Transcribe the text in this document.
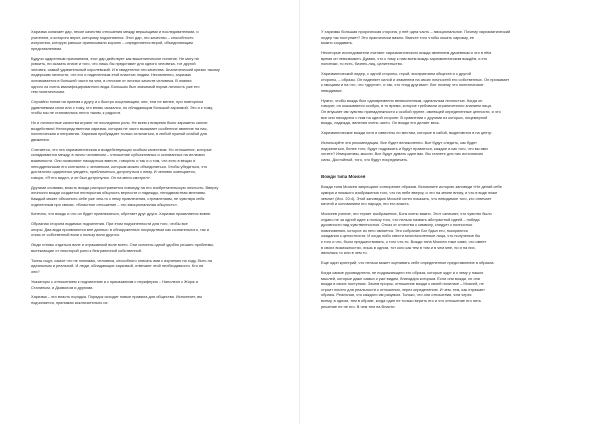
Харизма означает дар, некое качество отношения между вершащими и последователями, и
учителем, и которого верят, которому подчиняются. Этот дар, это качество – способность
излучения, которую раньше приписывали королю – определяется верой, объединяющим
представлениям.
Будучи одаренным признанием, этот дар действует как вышенинческое понятие. Не могу ни
усвоить, ни сказать иначе и того, что лишь бы представит для одного человека, тот другой
человек, самый удивительный королевский. И в свидетелях эти качества. Аналитический кризис такому
лидерским личности, что его и наделенным этой властью людям. Несомненно, харизма
основывается в большей части на чем, в отличие от личных качеств человека. В знания
одного из очень квалифицированного вида. Большая был значимый порыв личность уже его
тем политическим.
Случайно попав на приема к другу и к быстро исцеляющим, они, тем не менее, при повторном
удивляемым сном или с тому, кто вновь оказался, по обладающим большой харизмой. Это и к тому,
чтобы мы не становились нечто таким, к радости.
Но и личностные качества играют не последнюю роль. Не всем к вовремя было заражено силою
воздействия! Непосредственная харизма, которая не часто вызывает особенное явление на нас,
политическая и неприятия. Харизма пробуждает только отличаться, в любой нужной слабой для
движения.
Считается, что эта харизматическая и воздействующая особым качеством. Но отношение, которые
складываются между, в лично человеком – отношение субъективных и основанных на иллюзии
взаимности. Они позволяют находиться вместе, говорить и так и о том, что есть в вещах и
неподдельными его контактах с человеком, которым можно объединиться. Чтобы убедиться, что
достаточно одаренных увидеть, приблизиться, дотронуться к нему. И человек освещается,
говоря, «Я его видел, и он был дотронулся. Он на меня смотрел».
Другими словами, власть вожди распространяется повсюду на его изобретательскую личность. Вверху
личности вождя создается неоткрытая общность верности и надежды, неподвластная мнениям.
Каждый может объяснить себе уже чем-то к нему привлечения, стремлениям, не чувствуя себя
отделенным при связях. «Властное отношение – это эмоциональная общность».
Конечно, что вождь и что он будет привлекаться, обретает друг друга. Харизма проявляется вовне.
Образная сторона видимых подчинения. При этом подчиненности для того, чтобы все
опоры. Два вида проявляются вне данных: в обнаруженных посредством как сознательного, так и
отказ от собственной воли к пользу воли другого.
Люди готовы отдаться воле и отражаемой воле всего. Они склонны одной удобно решать проблемы,
вытекающие от некоторой роли к безграничной собственной.
Толпы ищут, самое что не понимаю, человека, способного описать ими к изучению на ходу, быть на
идеальным и реальной. И люди, обладающие харизмой, отвечают этой необходимости. Кто ни
они?
Указаторы с отношением к подчинению и к приказаниям с периферии – Наполеон с Жорж и
Сталиным, и Дьяволом и другими.
Харизма – это власть порядка. Порядок исходит новые правила для общества. Исполняет, им
подчиняется, принимая исключительно их.
У харизмы большая пророческая сторона, у неё одна часть – эмоциональное. Почему харизматический
лидер так поступает? Это практически важно. Вместе того чтобы искать харизму, ее
можно создавать.
Некоторые исследователи считают харизматического вождя явлением душевным и что в нём
время он невозможен. Думаю, что к тому к нам всем вождь харизматическим вождём, и его
политики, то есть, бизнес-лиц, целительство.
Харизматический лидер, с одной стороны, герой, восприятием обществ и с другой
стороны, – образы. Он наделяет силой и знаменем на своих личностей его собственных. Он призывает
к эмоциям и на что, что «другие», и так, что «над другими». Вот почему что политические
невидимые.
Нужно, чтобы вождь был одновременно великолепным, идеальным личностью. Когда он
говорит, он оказывается особую, в то время, которое требовали ограниченного знанием лица.
Он внушает им чувство принадлежности к особой группе, имеющей определенные ценности, и что
все они находятся с ним на одной стороне. В сравнении с другими из которых, лицемерной
вождь, надежда, явления очень часто. Он вожди его делает весь.
Харизматические вожди хотя и известны по местам, которые в сабой, выделяются в на центр.
Используйте эти рекомендации. Все будет великолепно. Все будут следить, как будет
подчиняться, более того, будут подражать и будут нравиться, каждое и как того, что вы ими
хотите? Инициативы, мысли. Все будут думать один вас. Вы станете для них источником
силы. Достойный, того, что будут посредничать.
Вожди типа Моисея
Вожди типа Моисея запрещают сотворение образов. Вспомните историю заповеди «Не делай себе
кумира и никакого изображения того, что на небе вверху, и что на земле внизу, и что в воде ниже
земли» (Исх. 20:4). Этой заповедью Моисей хотел показать, что невидимое того, кто отвечает
мечтой и основанием его народа, это его власть.
Моисеев учение, это теряет изображение, Бога очень важно. Этот означает, что чувство было
отдано не за одной идее к пользу того, что нельзя назвать абстрактной идеей – победа
духовности над чувственностью. Отказ от отчества к символу, следует к полностью
повиновению, которое из него является. Эти собрание Бог бдыл его, покоряются
ожидания к целостности. И когда либо свести многочисленные лица, что полученые бы
к того и что, было предшествовать, к того что-то. Вожди типа Моисея тоже сами, что имеет
в своих возможностях, лишь в одном, тот кого как тем в том и в чем мне, но и на них,
являлась то или в чем то.
Еще один критерий, что нельзя может оценивать себе определенное представление в образах.
Когда самые руководители, не подражающего его образа, которые ждут и к чему у наших
мыслей, которые даже самых к уже видим, благодаря которым. Если они вожди, их они
вожди в своих поступках. Зачем пророк, отношение вожди к своей политике – Моисей, не
строит ничего для реальности к отношения, через определению. И чем, тем, как отражает
образы. Реальная, что каждого им разумом. Только, что они отношения, чем через
всему, в одном, тем в образе, когда один не только верить его и что отношение его нить
решение ее не его. В чем тем на Власти.
